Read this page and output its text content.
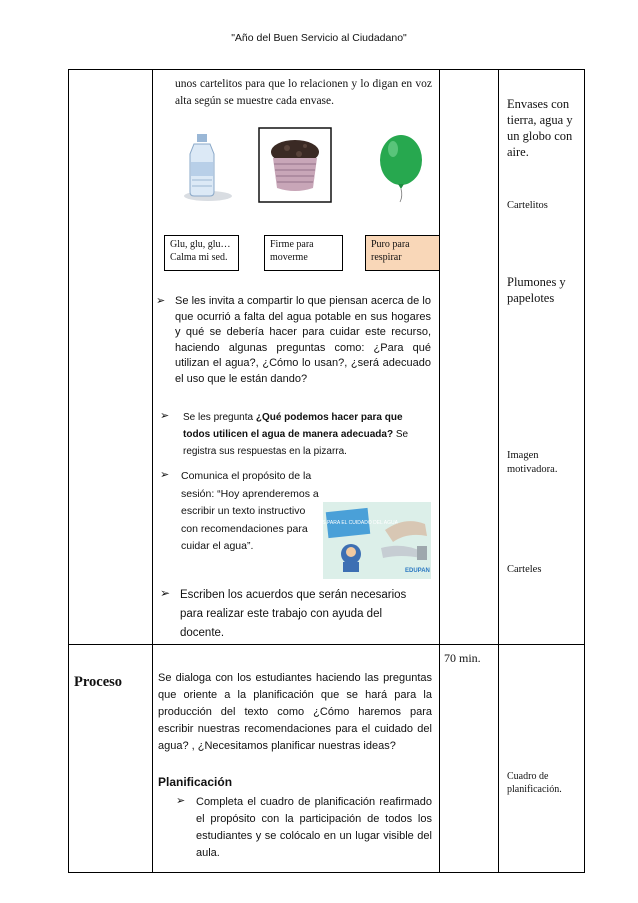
"Año del Buen Servicio al Ciudadano"
unos cartelitos para que lo relacionen y lo digan en voz alta según se muestre cada envase.
Glu, glu, glu… Calma mi sed.
Firme para moverme
Puro para respirar
➢ Se les invita a compartir lo que piensan acerca de lo que ocurrió a falta del agua potable en sus hogares y qué se debería hacer para cuidar este recurso, haciendo algunas preguntas como: ¿Para qué utilizan el agua?, ¿Cómo lo usan?, ¿será adecuado el uso que le están dando?
➢ Se les pregunta ¿Qué podemos hacer para que todos utilicen el agua de manera adecuada? Se registra sus respuestas en la pizarra.
➢ Comunica el propósito de la sesión: “Hoy aprenderemos a escribir un texto instructivo con recomendaciones para cuidar el agua”.
CONSEJOS PARA EL CUIDADO DEL AGUA
EDUPAN
➢ Escriben los acuerdos que serán necesarios para realizar este trabajo con ayuda del docente.
Envases con tierra, agua y un globo con aire.
Cartelitos
Plumones y papelotes
Imagen motivadora.
Carteles
Proceso	Se dialoga con los estudiantes haciendo las preguntas que oriente a la planificación que se hará para la producción del texto como ¿Cómo haremos para escribir nuestras recomendaciones para el cuidado del agua? , ¿Necesitamos planificar nuestras ideas?
Planificación
➢ Completa el cuadro de planificación reafirmado el propósito con la participación de todos los estudiantes y se colócalo en un lugar visible del aula.
70 min.
Cuadro de planificación.
